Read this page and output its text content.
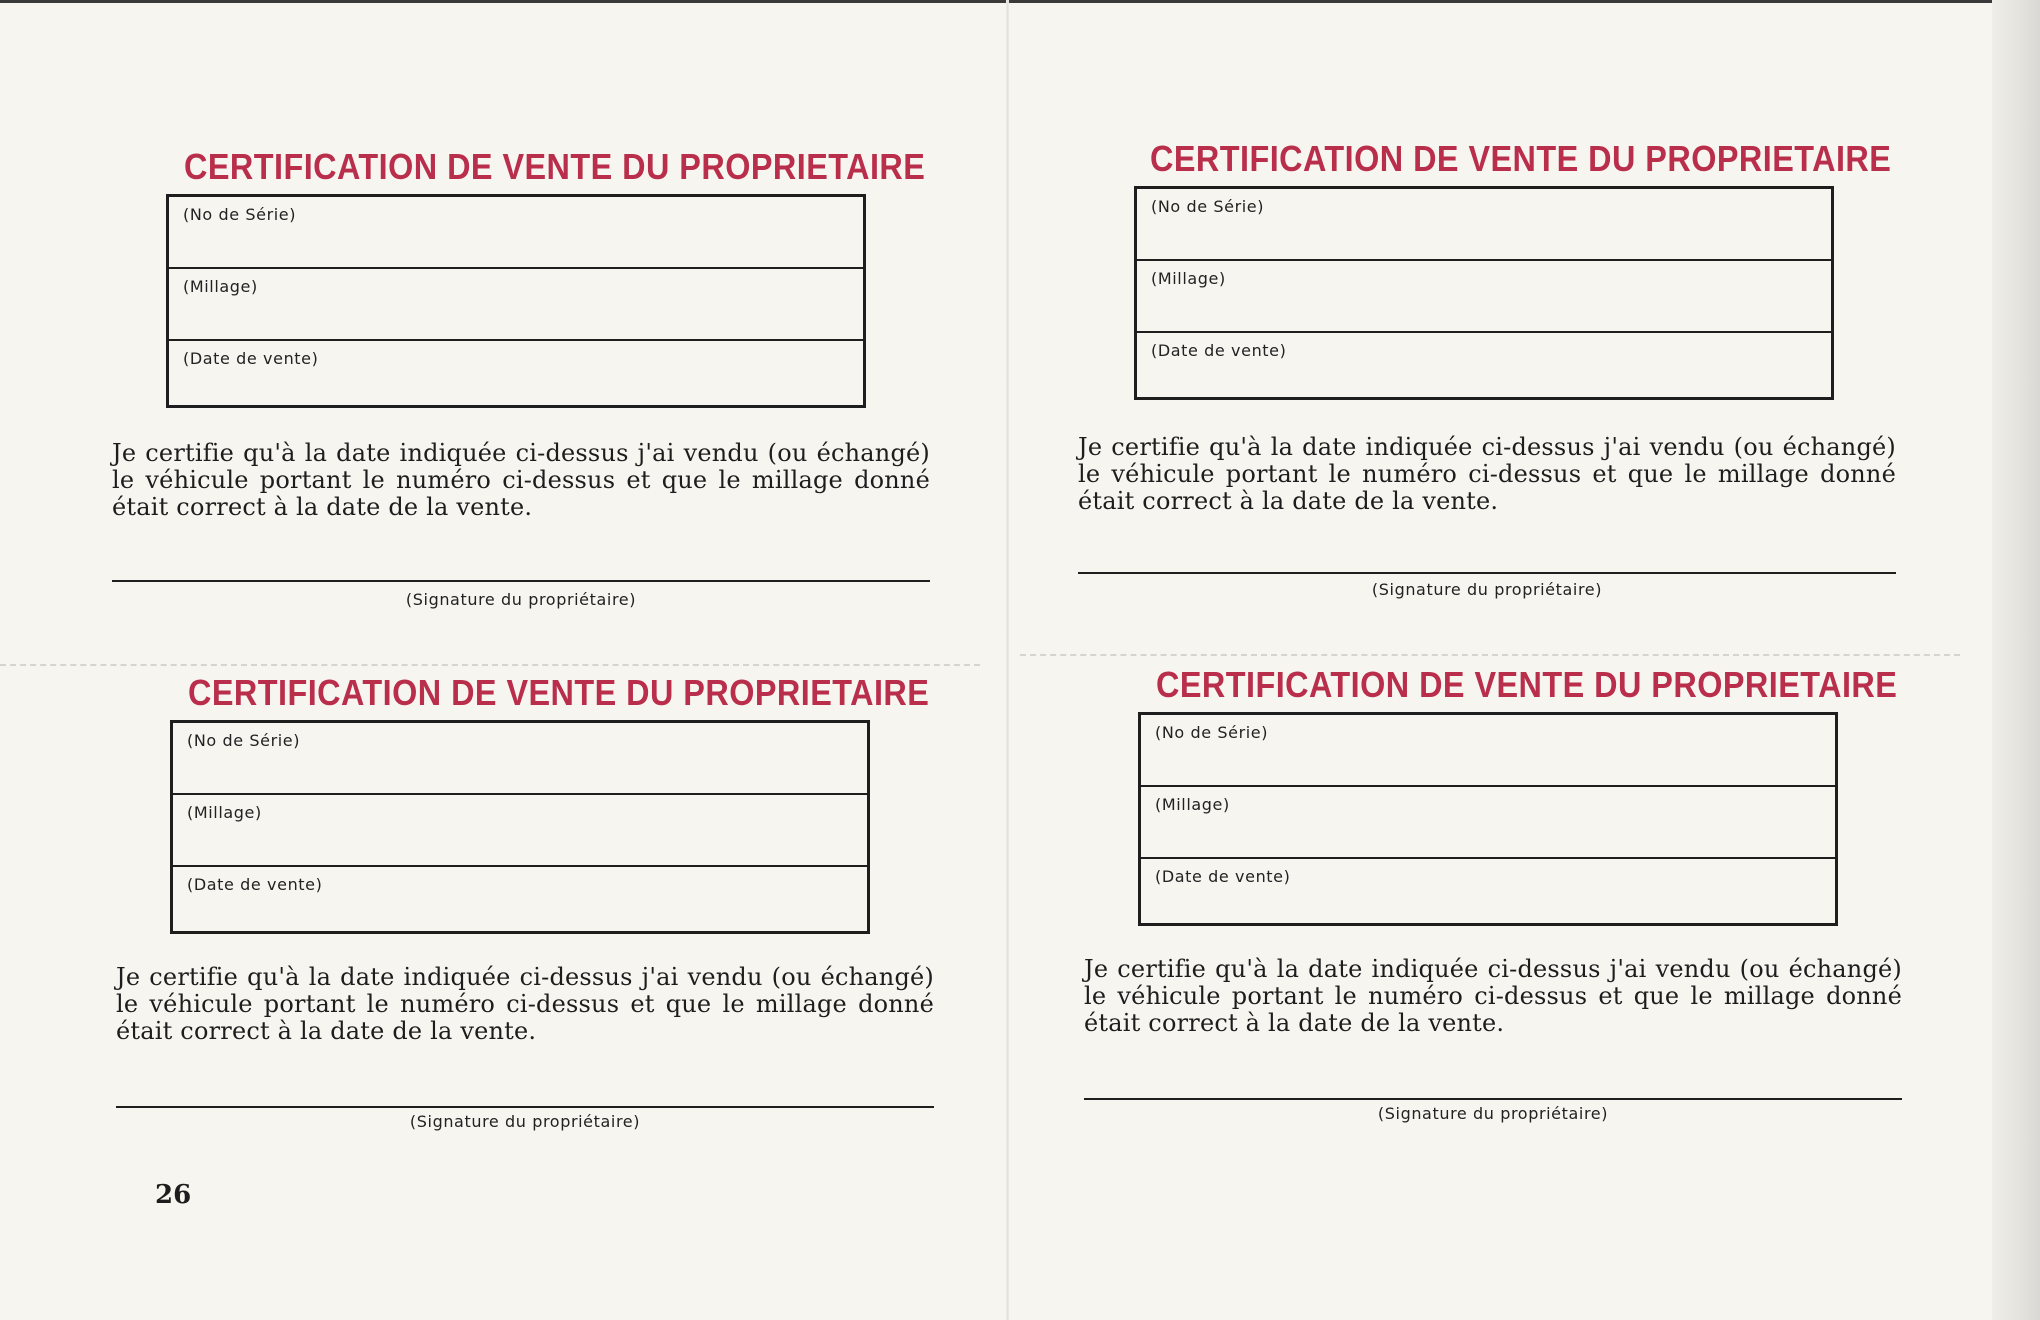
CERTIFICATION DE VENTE DU PROPRIETAIRE
(No de Série)
(Millage)
(Date de vente)

Je certifie qu'à la date indiquée ci-dessus j'ai vendu (ou échangé) le véhicule portant le numéro ci-dessus et que le millage donné était correct à la date de la vente.

(Signature du propriétaire)
CERTIFICATION DE VENTE DU PROPRIETAIRE
(No de Série)
(Millage)
(Date de vente)

Je certifie qu'à la date indiquée ci-dessus j'ai vendu (ou échangé) le véhicule portant le numéro ci-dessus et que le millage donné était correct à la date de la vente.

(Signature du propriétaire)
CERTIFICATION DE VENTE DU PROPRIETAIRE
(No de Série)
(Millage)
(Date de vente)

Je certifie qu'à la date indiquée ci-dessus j'ai vendu (ou échangé) le véhicule portant le numéro ci-dessus et que le millage donné était correct à la date de la vente.

(Signature du propriétaire)
CERTIFICATION DE VENTE DU PROPRIETAIRE
(No de Série)
(Millage)
(Date de vente)

Je certifie qu'à la date indiquée ci-dessus j'ai vendu (ou échangé) le véhicule portant le numéro ci-dessus et que le millage donné était correct à la date de la vente.

(Signature du propriétaire)
26
